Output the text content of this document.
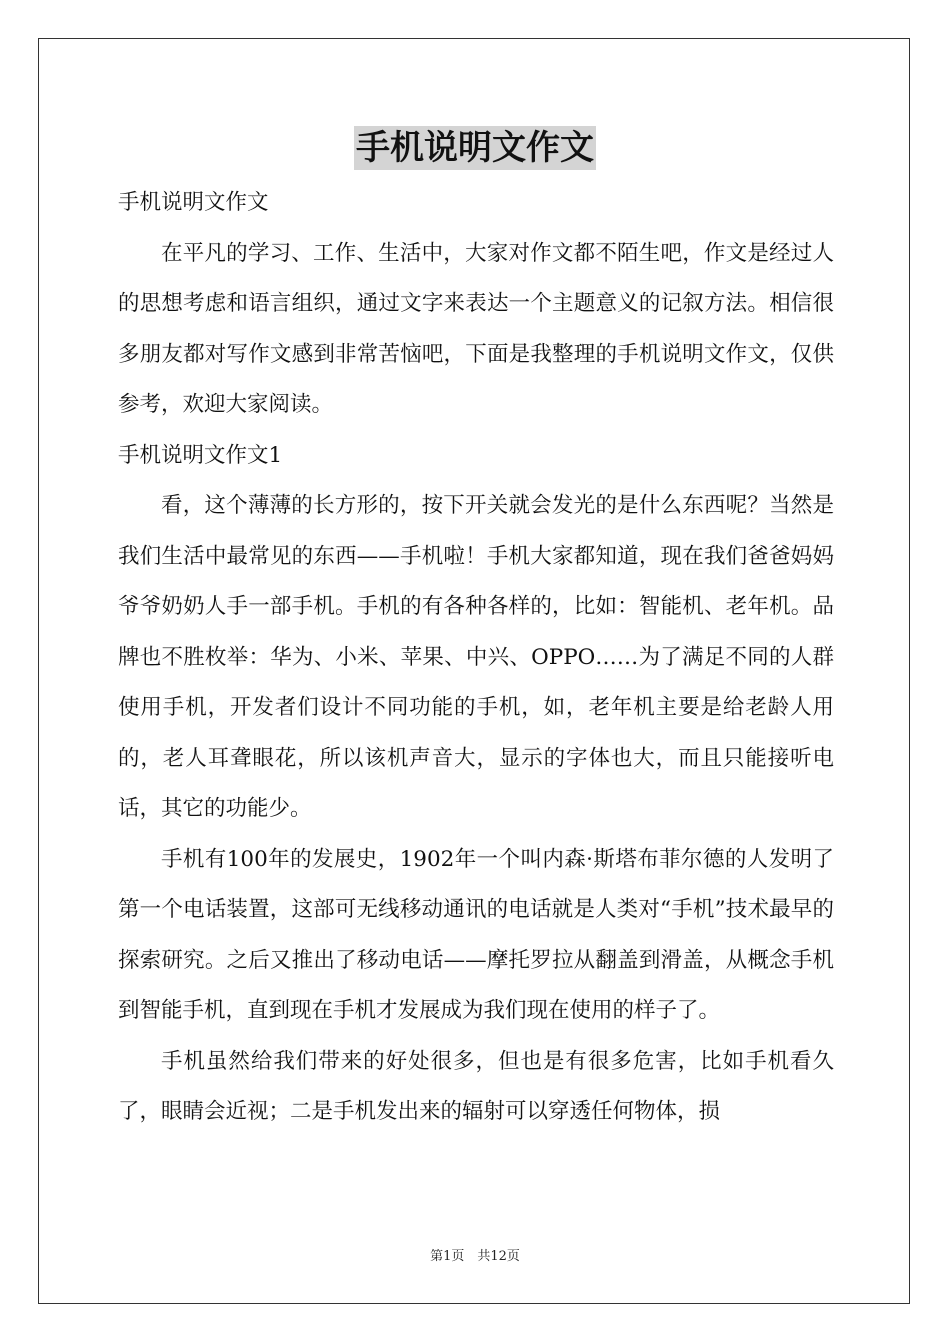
手机说明文作文

手机说明文作文

在平凡的学习、工作、生活中，大家对作文都不陌生吧，作文是经过人的思想考虑和语言组织，通过文字来表达一个主题意义的记叙方法。相信很多朋友都对写作文感到非常苦恼吧，下面是我整理的手机说明文作文，仅供参考，欢迎大家阅读。

手机说明文作文1

看，这个薄薄的长方形的，按下开关就会发光的是什么东西呢？当然是我们生活中最常见的东西——手机啦！手机大家都知道，现在我们爸爸妈妈爷爷奶奶人手一部手机。手机的有各种各样的，比如：智能机、老年机。品牌也不胜枚举：华为、小米、苹果、中兴、OPPO……为了满足不同的人群使用手机，开发者们设计不同功能的手机，如，老年机主要是给老龄人用的，老人耳聋眼花，所以该机声音大，显示的字体也大，而且只能接听电话，其它的功能少。

手机有100年的发展史，1902年一个叫内森·斯塔布菲尔德的人发明了第一个电话装置，这部可无线移动通讯的电话就是人类对“手机”技术最早的探索研究。之后又推出了移动电话——摩托罗拉从翻盖到滑盖，从概念手机到智能手机，直到现在手机才发展成为我们现在使用的样子了。

手机虽然给我们带来的好处很多，但也是有很多危害，比如手机看久了，眼睛会近视；二是手机发出来的辐射可以穿透任何物体，损

第1页　共12页
